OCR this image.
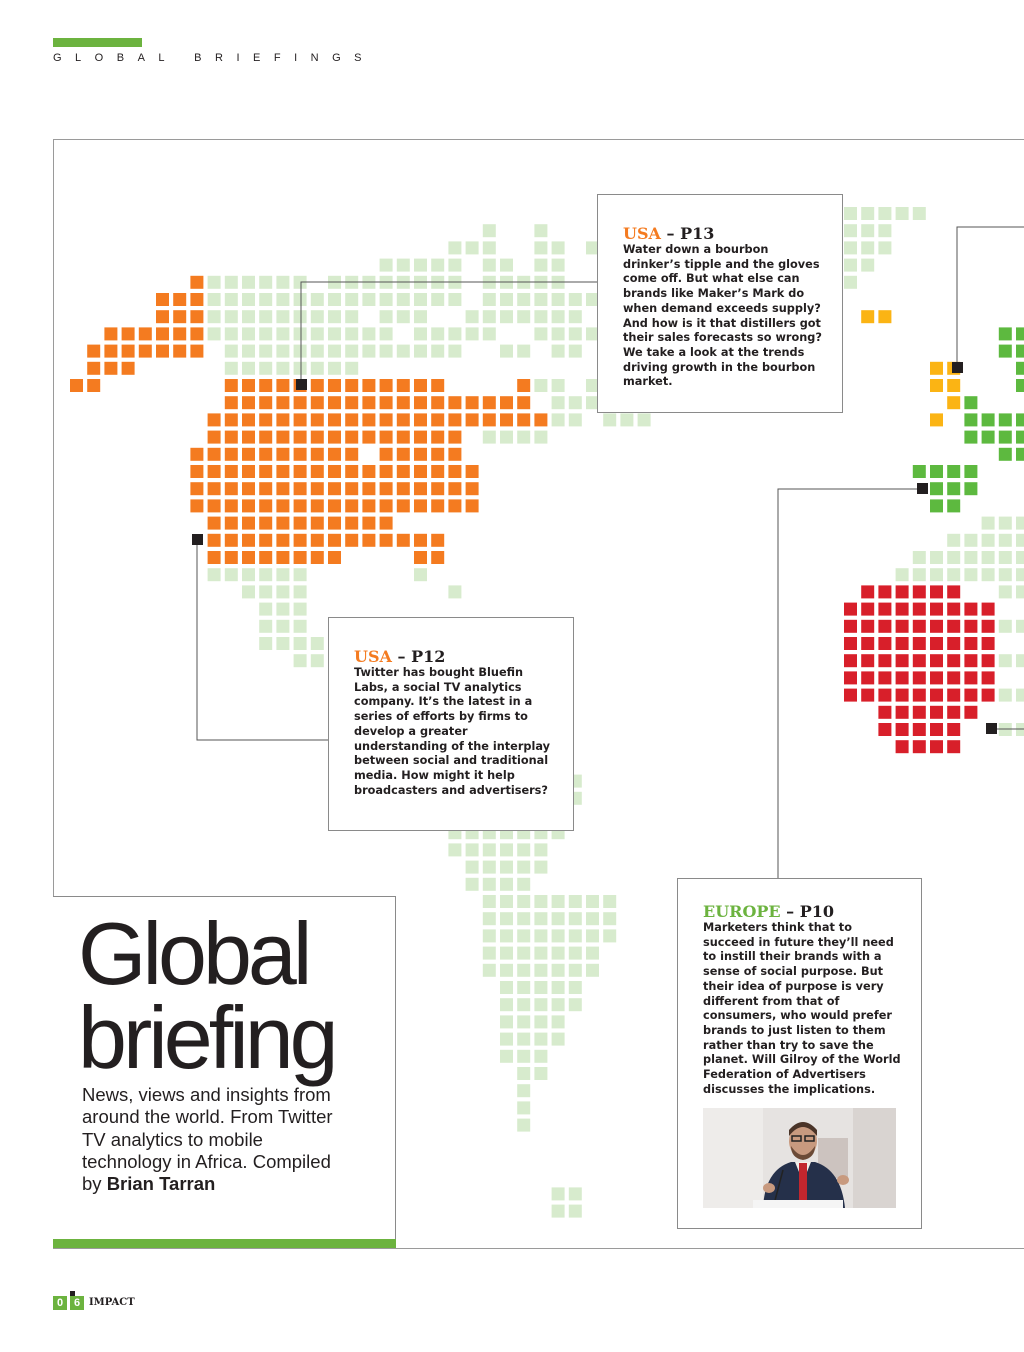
GLOBAL BRIEFINGS
USA – P13
Water down a bourbon drinker’s tipple and the gloves come off. But what else can brands like Maker’s Mark do when demand exceeds supply? And how is it that distillers got their sales forecasts so wrong? We take a look at the trends driving growth in the bourbon market.
USA – P12
Twitter has bought Bluefin Labs, a social TV analytics company. It’s the latest in a series of efforts by firms to develop a greater understanding of the interplay between social and traditional media. How might it help broadcasters and advertisers?
EUROPE – P10
Marketers think that to succeed in future they’ll need to instill their brands with a sense of social purpose. But their idea of purpose is very different from that of consumers, who would prefer brands to just listen to them rather than try to save the planet. Will Gilroy of the World Federation of Advertisers discusses the implications.
Global
briefing
News, views and insights from around the world. From Twitter TV analytics to mobile technology in Africa. Compiled by Brian Tarran
0 6 IMPACT
